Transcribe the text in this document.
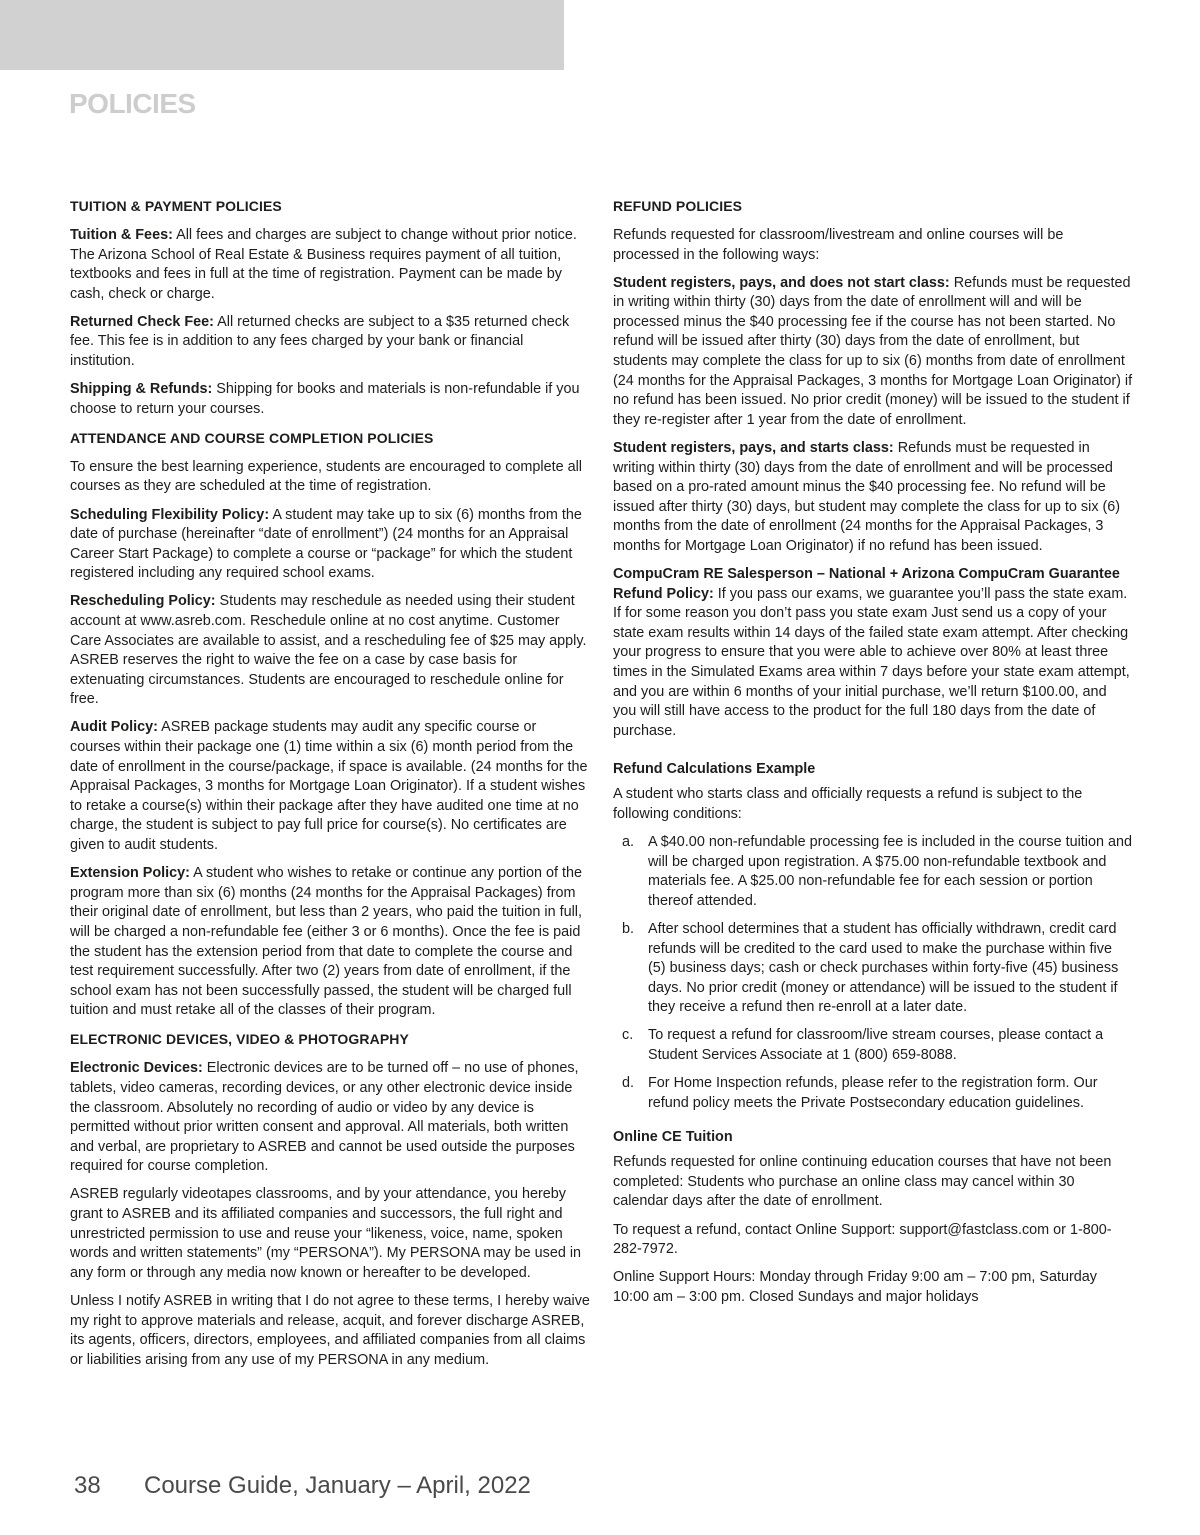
POLICIES
TUITION & PAYMENT POLICIES

Tuition & Fees: All fees and charges are subject to change without prior notice. The Arizona School of Real Estate & Business requires payment of all tuition, textbooks and fees in full at the time of registration. Payment can be made by cash, check or charge.

Returned Check Fee: All returned checks are subject to a $35 returned check fee. This fee is in addition to any fees charged by your bank or financial institution.

Shipping & Refunds: Shipping for books and materials is non-refundable if you choose to return your courses.

ATTENDANCE AND COURSE COMPLETION POLICIES

To ensure the best learning experience, students are encouraged to complete all courses as they are scheduled at the time of registration.

Scheduling Flexibility Policy: A student may take up to six (6) months from the date of purchase (hereinafter “date of enrollment”) (24 months for an Appraisal Career Start Package) to complete a course or “package” for which the student registered including any required school exams.

Rescheduling Policy: Students may reschedule as needed using their student account at www.asreb.com. Reschedule online at no cost anytime. Customer Care Associates are available to assist, and a rescheduling fee of $25 may apply. ASREB reserves the right to waive the fee on a case by case basis for extenuating circumstances. Students are encouraged to reschedule online for free.

Audit Policy: ASREB package students may audit any specific course or courses within their package one (1) time within a six (6) month period from the date of enrollment in the course/package, if space is available. (24 months for the Appraisal Packages, 3 months for Mortgage Loan Originator). If a student wishes to retake a course(s) within their package after they have audited one time at no charge, the student is subject to pay full price for course(s). No certificates are given to audit students.

Extension Policy: A student who wishes to retake or continue any portion of the program more than six (6) months (24 months for the Appraisal Packages) from their original date of enrollment, but less than 2 years, who paid the tuition in full, will be charged a non-refundable fee (either 3 or 6 months). Once the fee is paid the student has the extension period from that date to complete the course and test requirement successfully. After two (2) years from date of enrollment, if the school exam has not been successfully passed, the student will be charged full tuition and must retake all of the classes of their program.

ELECTRONIC DEVICES, VIDEO & PHOTOGRAPHY

Electronic Devices: Electronic devices are to be turned off – no use of phones, tablets, video cameras, recording devices, or any other electronic device inside the classroom. Absolutely no recording of audio or video by any device is permitted without prior written consent and approval. All materials, both written and verbal, are proprietary to ASREB and cannot be used outside the purposes required for course completion.

ASREB regularly videotapes classrooms, and by your attendance, you hereby grant to ASREB and its affiliated companies and successors, the full right and unrestricted permission to use and reuse your “likeness, voice, name, spoken words and written statements” (my “PERSONA”). My PERSONA may be used in any form or through any media now known or hereafter to be developed.

Unless I notify ASREB in writing that I do not agree to these terms, I hereby waive my right to approve materials and release, acquit, and forever discharge ASREB, its agents, officers, directors, employees, and affiliated companies from all claims or liabilities arising from any use of my PERSONA in any medium.

REFUND POLICIES

Refunds requested for classroom/livestream and online courses will be processed in the following ways:

Student registers, pays, and does not start class: Refunds must be requested in writing within thirty (30) days from the date of enrollment will and will be processed minus the $40 processing fee if the course has not been started. No refund will be issued after thirty (30) days from the date of enrollment, but students may complete the class for up to six (6) months from date of enrollment (24 months for the Appraisal Packages, 3 months for Mortgage Loan Originator) if no refund has been issued. No prior credit (money) will be issued to the student if they re-register after 1 year from the date of enrollment.

Student registers, pays, and starts class: Refunds must be requested in writing within thirty (30) days from the date of enrollment and will be processed based on a pro-rated amount minus the $40 processing fee. No refund will be issued after thirty (30) days, but student may complete the class for up to six (6) months from the date of enrollment (24 months for the Appraisal Packages, 3 months for Mortgage Loan Originator) if no refund has been issued.

CompuCram RE Salesperson – National + Arizona CompuCram Guarantee Refund Policy: If you pass our exams, we guarantee you’ll pass the state exam. If for some reason you don’t pass you state exam Just send us a copy of your state exam results within 14 days of the failed state exam attempt. After checking your progress to ensure that you were able to achieve over 80% at least three times in the Simulated Exams area within 7 days before your state exam attempt, and you are within 6 months of your initial purchase, we’ll return $100.00, and you will still have access to the product for the full 180 days from the date of purchase.

Refund Calculations Example

A student who starts class and officially requests a refund is subject to the following conditions:

a. A $40.00 non-refundable processing fee is included in the course tuition and will be charged upon registration. A $75.00 non-refundable textbook and materials fee. A $25.00 non-refundable fee for each session or portion thereof attended.
b. After school determines that a student has officially withdrawn, credit card refunds will be credited to the card used to make the purchase within five (5) business days; cash or check purchases within forty-five (45) business days. No prior credit (money or attendance) will be issued to the student if they receive a refund then re-enroll at a later date.
c. To request a refund for classroom/live stream courses, please contact a Student Services Associate at 1 (800) 659-8088.
d. For Home Inspection refunds, please refer to the registration form. Our refund policy meets the Private Postsecondary education guidelines.
Online CE Tuition

Refunds requested for online continuing education courses that have not been completed: Students who purchase an online class may cancel within 30 calendar days after the date of enrollment.

To request a refund, contact Online Support: support@fastclass.com or 1-800-282-7972.

Online Support Hours: Monday through Friday 9:00 am – 7:00 pm, Saturday 10:00 am – 3:00 pm. Closed Sundays and major holidays

38 Course Guide, January – April, 2022
